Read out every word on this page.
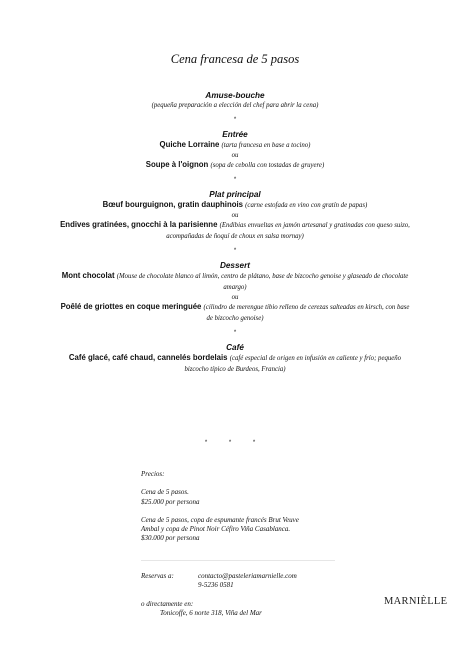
Cena francesa de 5 pasos
Amuse-bouche
(pequeña preparación a elección del chef para abrir la cena)
*
Entrée
Quiche Lorraine (tarta francesa en base a tocino)
ou
Soupe à l'oignon (sopa de cebolla con tostadas de gruyere)
*
Plat principal
Bœuf bourguignon, gratin dauphinois (carne estofada en vino con gratín de papas)
ou
Endives gratinées, gnocchi à la parisienne (Endibias envueltas en jamón artesanal y gratinadas con queso suizo, acompañadas de ñoquí de choux en salsa mornay)
*
Dessert
Mont chocolat (Mouse de chocolate blanco al limón, centro de plátano, base de bizcocho genoise y glaseado de chocolate amargo)
ou
Poêlé de griottes en coque meringuée (cilindro de merengue tibio relleno de cerezas salteadas en kirsch, con base de bizcocho genoise)
*
Café
Café glacé, café chaud, cannelés bordelais (café especial de origen en infusión en caliente y frío; pequeño bizcocho típico de Burdeos, Francia)
* * *

Precios:

Cena de 5 pasos.

$25.000 por persona

Cena de 5 pasos, copa de espumante francés Brut Veuve

Ambal y copa de Pinot Noir Céfiro Viña Casablanca.

$30.000 por persona

Reservas a:	contacto@pasteleriamarnielle.com
9-5236 0581
o directamente en:
Tonicoffe, 6 norte 318, Viña del Mar
MARNIÈLLE
